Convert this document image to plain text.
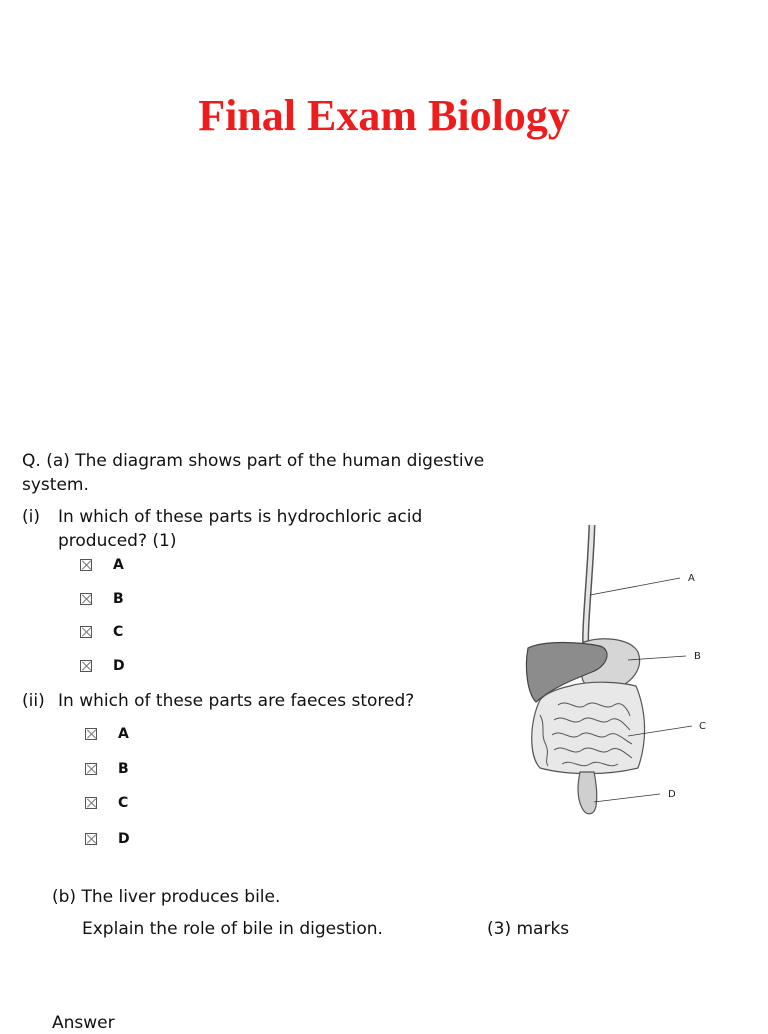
Final Exam Biology
Q. (a) The diagram shows part of the human digestive
system.
(i) In which of these parts is hydrochloric acid
produced? (1)
A
B
C
D
(ii) In which of these parts are faeces stored?
A
B
C
D
(b) The liver produces bile.
Explain the role of bile in digestion.	(3) marks
Answer
A
B
C
D
